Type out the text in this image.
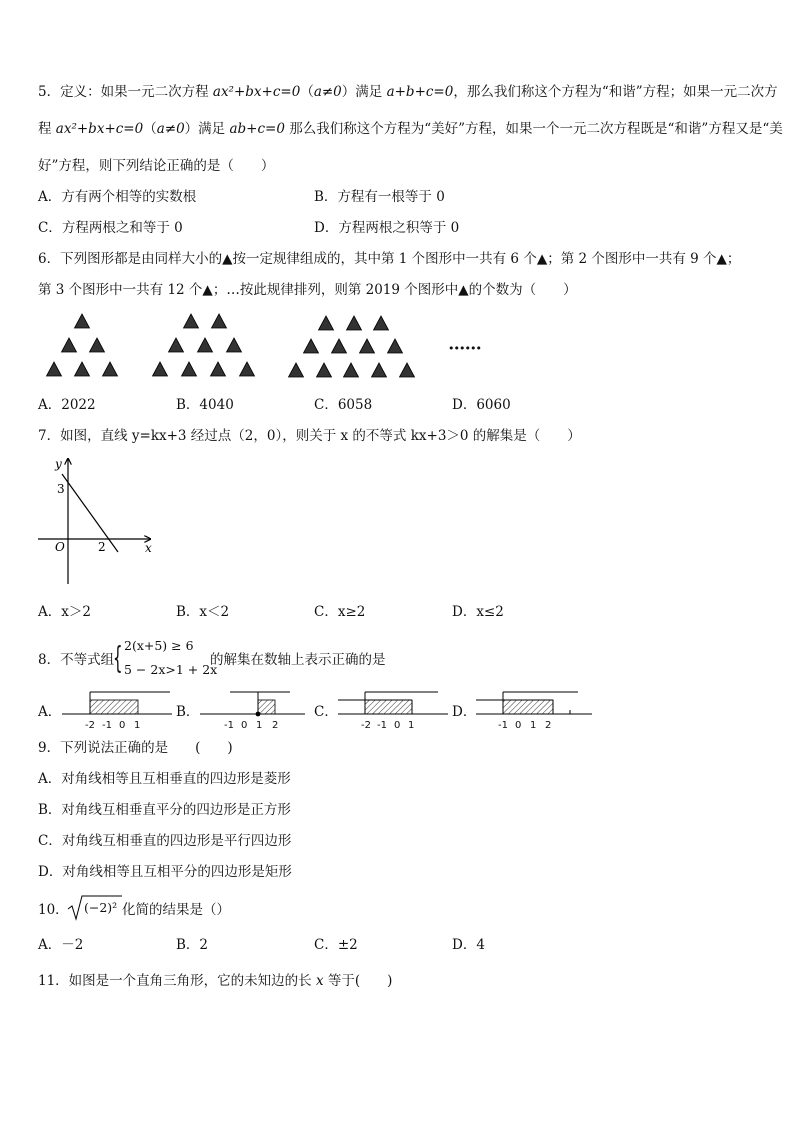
5．定义：如果一元二次方程 ax²+bx+c=0（a≠0）满足 a+b+c=0，那么我们称这个方程为“和谐”方程；如果一元二次方
程 ax²+bx+c=0（a≠0）满足 ab+c=0 那么我们称这个方程为“美好”方程，如果一个一元二次方程既是“和谐”方程又是“美
好”方程，则下列结论正确的是（　　）
A．方有两个相等的实数根	B．方程有一根等于 0
C．方程两根之和等于 0	D．方程两根之积等于 0
6．下列图形都是由同样大小的▲按一定规律组成的，其中第 1 个图形中一共有 6 个▲；第 2 个图形中一共有 9 个▲；
第 3 个图形中一共有 12 个▲；…按此规律排列，则第 2019 个图形中▲的个数为（　　）
••••••
A．2022	B．4040	C．6058	D．6060
7．如图，直线 y=kx+3 经过点（2，0），则关于 x 的不等式 kx+3＞0 的解集是（　　）
y
x
O
3
2
A．x＞2	B．x＜2	C．x≥2	D．x≤2
8．不等式组
{ 2(x+5) ≥ 6
5 − 2x>1 + 2x
的解集在数轴上表示正确的是
-2 -1 0 1	-1 0 1 2	-2 -1 0 1	-1 0 1 2
A．	B．	C．	D．
9．下列说法正确的是　　(　　)
A．对角线相等且互相垂直的四边形是菱形
B．对角线互相垂直平分的四边形是正方形
C．对角线互相垂直的四边形是平行四边形
D．对角线相等且互相平分的四边形是矩形
10． (−2)² 化简的结果是（）
A．－2	B．2	C．±2	D．4
11．如图是一个直角三角形，它的未知边的长 x 等于(　　)
